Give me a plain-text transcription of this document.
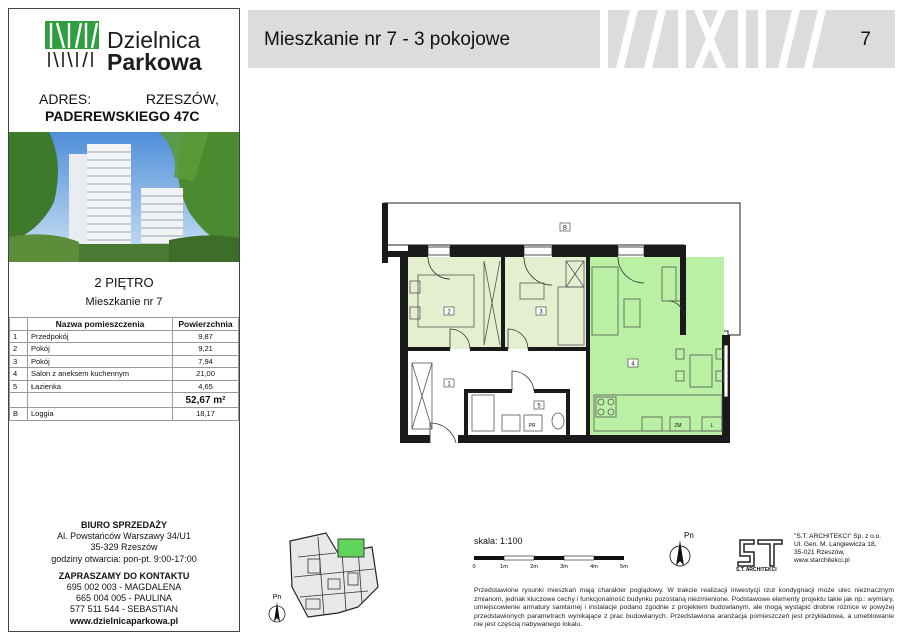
Dzielnica
Parkowa
ADRES:	RZESZÓW,
PADEREWSKIEGO 47C
2 PIĘTRO
Mieszkanie nr 7
	Nazwa pomieszczenia	Powierzchnia
1	Przedpokój	9,87
2	Pokój	9,21
3	Pokój	7,94
4	Salon z aneksem kuchennym	21,00
5	Łazienka	4,65
		52,67 m²
B	Loggia	18,17
BIURO SPRZEDAŻY
Al. Powstańców Warszawy 34/U1
35-329 Rzeszów
godziny otwarcia: pon-pt. 9:00-17:00
ZAPRASZAMY DO KONTAKTU
695 002 003 - MAGDALENA
665 004 005 - PAULINA
577 511 544 - SEBASTIAN
www.dzielnicaparkowa.pl
Mieszkanie nr 7 - 3 pokojowe	7
B
2	3
4
1
5
PR	ZM	L
Pn
skala: 1:100
0	1m	2m	3m	4m	5m
Pn
S.T. ARCHITEKCI
"S.T. ARCHITEKCI" Sp. z o.o.
Ul. Gen. M. Langiewicza 18,
35-021 Rzeszów,
www.starchitekci.pl
Przedstawione rysunki mieszkań mają charakter poglądowy. W trakcie realizacji inwestycji rzut kondygnacji może ulec nieznacznym zmianom, jednak kluczowe cechy i funkcjonalność budynku pozostaną niezmienione. Podstawowe elementy projektu takie jak np.: wymiary, umiejscowienie armatury sanitarnej i instalacje podano zgodnie z projektem budowlanym, ale mogą wystąpić drobne różnice w powyżej przedstawionych parametrach wynikające z prac budowlanych. Przedstawiona aranżacja pomieszczeń jest przykładowa, a umeblowanie nie jest częścią nabywanego lokalu.
